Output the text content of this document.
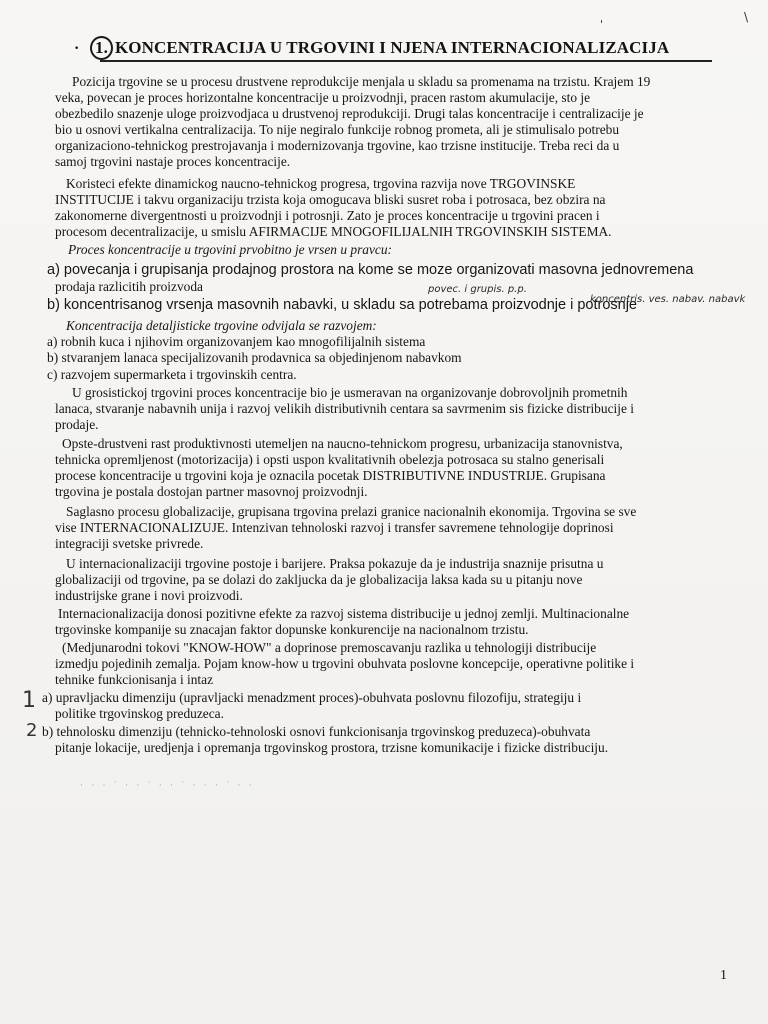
· 1. KONCENTRACIJA U TRGOVINI I NJENA INTERNACIONALIZACIJA
'
\
Pozicija trgovine se u procesu drustvene reprodukcije menjala u skladu sa promenama na trzistu. Krajem 19
veka, povecan je proces horizontalne koncentracije u proizvodnji, pracen rastom akumulacije, sto je
obezbedilo snazenje uloge proizvodjaca u drustvenoj reprodukciji. Drugi talas koncentracije i centralizacije je
bio u osnovi vertikalna centralizacija. To nije negiralo funkcije robnog prometa, ali je stimulisalo potrebu
organizaciono-tehnickog prestrojavanja i modernizovanja trgovine, kao trzisne institucije. Treba reci da u
samoj trgovini nastaje proces koncentracije.
Koristeci efekte dinamickog naucno-tehnickog progresa, trgovina razvija nove TRGOVINSKE
INSTITUCIJE i takvu organizaciju trzista koja omogucava bliski susret roba i potrosaca, bez obzira na
zakonomerne divergentnosti u proizvodnji i potrosnji. Zato je proces koncentracije u trgovini pracen i
procesom decentralizacije, u smislu AFIRMACIJE MNOGOFILIJALNIH TRGOVINSKIH SISTEMA.
Proces koncentracije u trgovini prvobitno je vrsen u pravcu:
a) povecanja i grupisanja prodajnog prostora na kome se moze organizovati masovna jednovremena
prodaja razlicitih proizvoda	povec. i grupis. p.p.
b) koncentrisanog vrsenja masovnih nabavki, u skladu sa potrebama proizvodnje i potrosnje
koncentris. ves. nabav. nabavk
Koncentracija detaljisticke trgovine odvijala se razvojem:
a) robnih kuca i njihovim organizovanjem kao mnogofilijalnih sistema
b) stvaranjem lanaca specijalizovanih prodavnica sa objedinjenom nabavkom
c) razvojem supermarketa i trgovinskih centra.
U grosistickoj trgovini proces koncentracije bio je usmeravan na organizovanje dobrovoljnih prometnih
lanaca, stvaranje nabavnih unija i razvoj velikih distributivnih centara sa savrmenim sis fizicke distribucije i
prodaje.
Opste-drustveni rast produktivnosti utemeljen na naucno-tehnickom progresu, urbanizacija stanovnistva,
tehnicka opremljenost (motorizacija) i opsti uspon kvalitativnih obelezja potrosaca su stalno generisali
procese koncentracije u trgovini koja je oznacila pocetak DISTRIBUTIVNE INDUSTRIJE. Grupisana
trgovina je postala dostojan partner masovnoj proizvodnji.
Saglasno procesu globalizacije, grupisana trgovina prelazi granice nacionalnih ekonomija. Trgovina se sve
vise INTERNACIONALIZUJE. Intenzivan tehnoloski razvoj i transfer savremene tehnologije doprinosi
integraciji svetske privrede.
U internacionalizaciji trgovine postoje i barijere. Praksa pokazuje da je industrija snaznije prisutna u
globalizaciji od trgovine, pa se dolazi do zakljucka da je globalizacija laksa kada su u pitanju nove
industrijske grane i novi proizvodi.
Internacionalizacija donosi pozitivne efekte za razvoj sistema distribucije u jednoj zemlji. Multinacionalne
trgovinske kompanije su znacajan faktor dopunske konkurencije na nacionalnom trzistu.
(Medjunarodni tokovi "KNOW-HOW" a doprinose premoscavanju razlika u tehnologiji distribucije
izmedju pojedinih zemalja. Pojam know-how u trgovini obuhvata poslovne koncepcije, operativne politike i
tehnike funkcionisanja i intaz
1
2
a) upravljacku dimenziju (upravljacki menadzment proces)-obuhvata poslovnu filozofiju, strategiju i
politike trgovinskog preduzeca.
b) tehnolosku dimenziju (tehnicko-tehnoloski osnovi funkcionisanja trgovinskog preduzeca)-obuhvata
pitanje lokacije, uredjenja i opremanja trgovinskog prostora, trzisne komunikacije i fizicke distribuciju.
· · · ˙ · · ˙ · · ˙ · · · ˙ · ·
1
